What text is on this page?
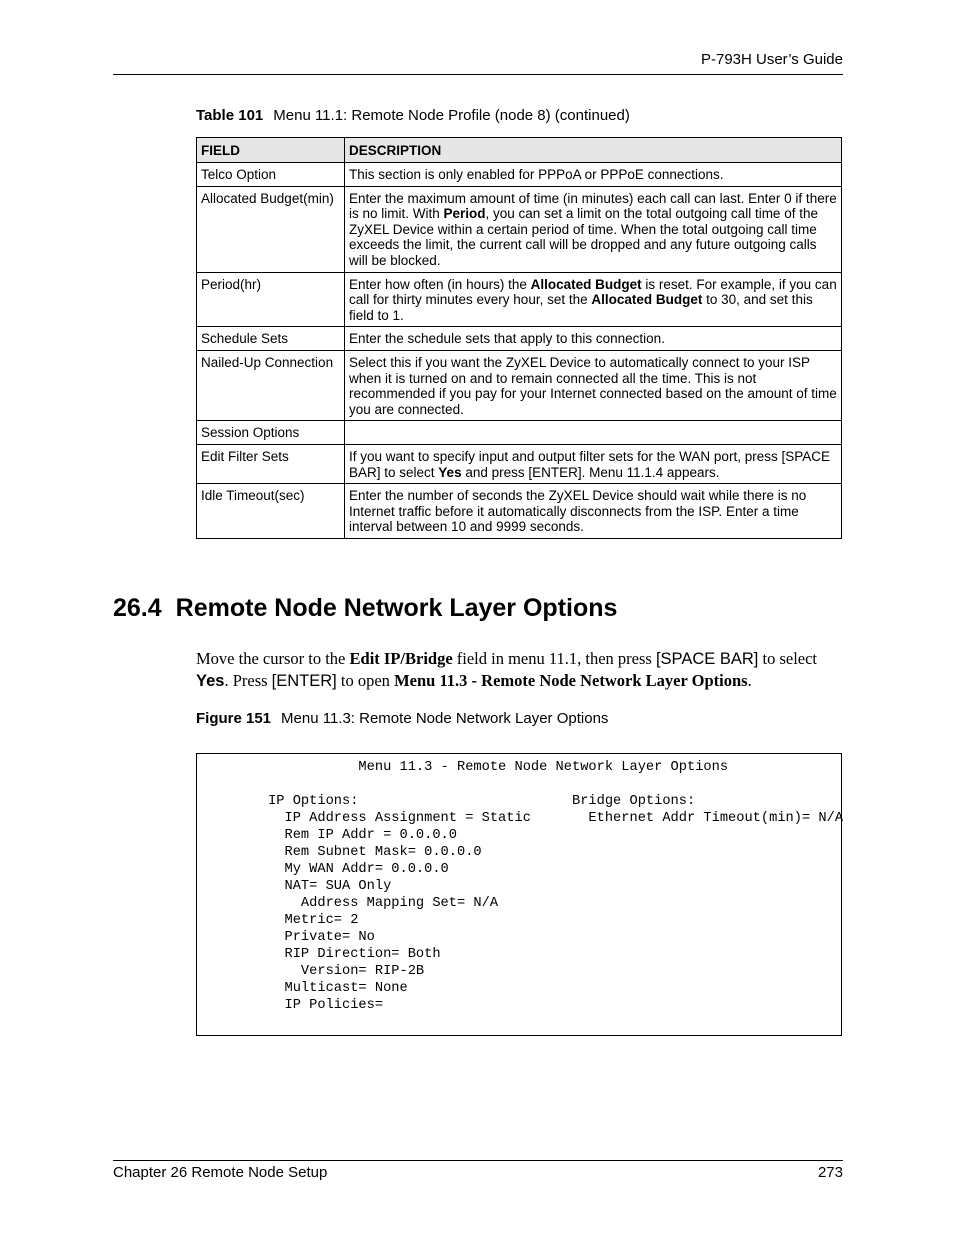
P-793H User’s Guide
Table 101 Menu 11.1: Remote Node Profile (node 8) (continued)
FIELD	DESCRIPTION
Telco Option	This section is only enabled for PPPoA or PPPoE connections.
Allocated Budget(min)	Enter the maximum amount of time (in minutes) each call can last. Enter 0 if there is no limit. With Period, you can set a limit on the total outgoing call time of the ZyXEL Device within a certain period of time. When the total outgoing call time exceeds the limit, the current call will be dropped and any future outgoing calls will be blocked.
Period(hr)	Enter how often (in hours) the Allocated Budget is reset. For example, if you can call for thirty minutes every hour, set the Allocated Budget to 30, and set this field to 1.
Schedule Sets	Enter the schedule sets that apply to this connection.
Nailed-Up Connection	Select this if you want the ZyXEL Device to automatically connect to your ISP when it is turned on and to remain connected all the time. This is not recommended if you pay for your Internet connected based on the amount of time you are connected.
Session Options	
Edit Filter Sets	If you want to specify input and output filter sets for the WAN port, press [SPACE BAR] to select Yes and press [ENTER]. Menu 11.1.4 appears.
Idle Timeout(sec)	Enter the number of seconds the ZyXEL Device should wait while there is no Internet traffic before it automatically disconnects from the ISP. Enter a time interval between 10 and 9999 seconds.
26.4 Remote Node Network Layer Options
Move the cursor to the Edit IP/Bridge field in menu 11.1, then press [SPACE BAR] to select Yes. Press [ENTER] to open Menu 11.3 - Remote Node Network Layer Options.
Figure 151 Menu 11.3: Remote Node Network Layer Options
Menu 11.3 - Remote Node Network Layer Options

IP Options:                          Bridge Options:
IP Address Assignment = Static       Ethernet Addr Timeout(min)= N/A
Rem IP Addr = 0.0.0.0
Rem Subnet Mask= 0.0.0.0
My WAN Addr= 0.0.0.0
NAT= SUA Only
Address Mapping Set= N/A
Metric= 2
Private= No
RIP Direction= Both
Version= RIP-2B
Multicast= None
IP Policies=
Chapter 26 Remote Node Setup	273
